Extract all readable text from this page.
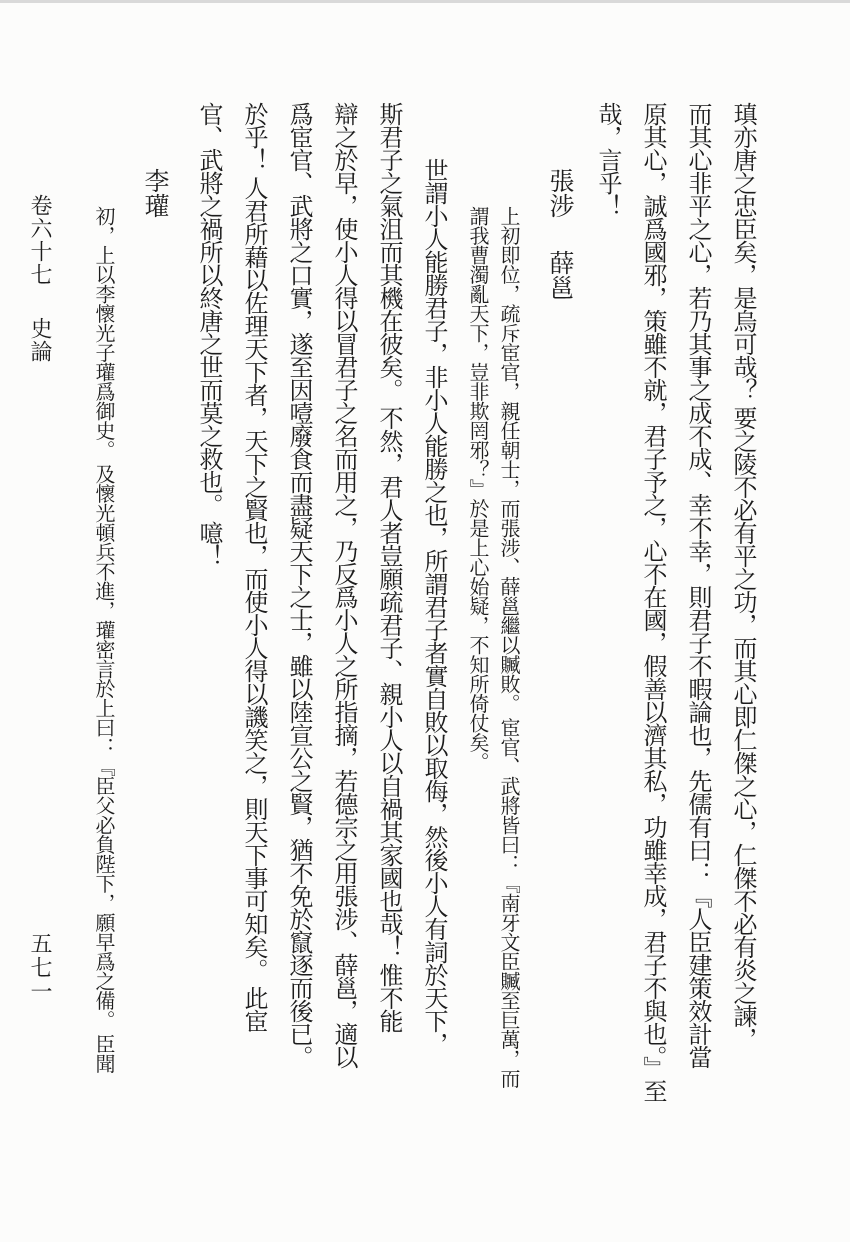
瑱亦唐之忠臣矣，是烏可哉？ 要之陵不必有平之功，而其心即仁傑之心，仁傑不必有炎之諫，
而其心非平之心，若乃其事之成不成、幸不幸，則君子不暇論也，先儒有曰：『人臣建策效計當
原其心，誠爲國邪，策雖不就，君子予之，心不在國，假善以濟其私，功雖幸成，君子不與也。』至
哉，言乎！
張涉 薛邕
上初即位，疏斥宦官，親任朝士，而張涉、薛邕繼以贓敗。 宦官、武將皆曰：『南牙文臣贓至巨萬，而
謂我曹濁亂天下，豈非欺罔邪？』於是上心始疑，不知所倚仗矣。
世謂小人能勝君子，非小人能勝之也，所謂君子者實自敗以取侮，然後小人有詞於天下，
斯君子之氣沮而其機在彼矣。 不然，君人者豈願疏君子、親小人以自禍其家國也哉！ 惟不能
辯之於早，使小人得以冒君子之名而用之，乃反爲小人之所指摘，若德宗之用張涉、薛邕，適以
爲宦官、武將之口實，遂至因噎廢食而盡疑天下之士，雖以陸宣公之賢，猶不免於竄逐而後已。
於乎！ 人君所藉以佐理天下者，天下之賢也，而使小人得以譏笑之，則天下事可知矣。 此宦
官、武將之禍所以終唐之世而莫之救也。 噫！
李瓘
初，上以李懷光子瓘爲御史。 及懷光頓兵不進，瓘密言於上曰：『臣父必負陛下，願早爲之備。 臣聞
卷六十七 史論
五七一
